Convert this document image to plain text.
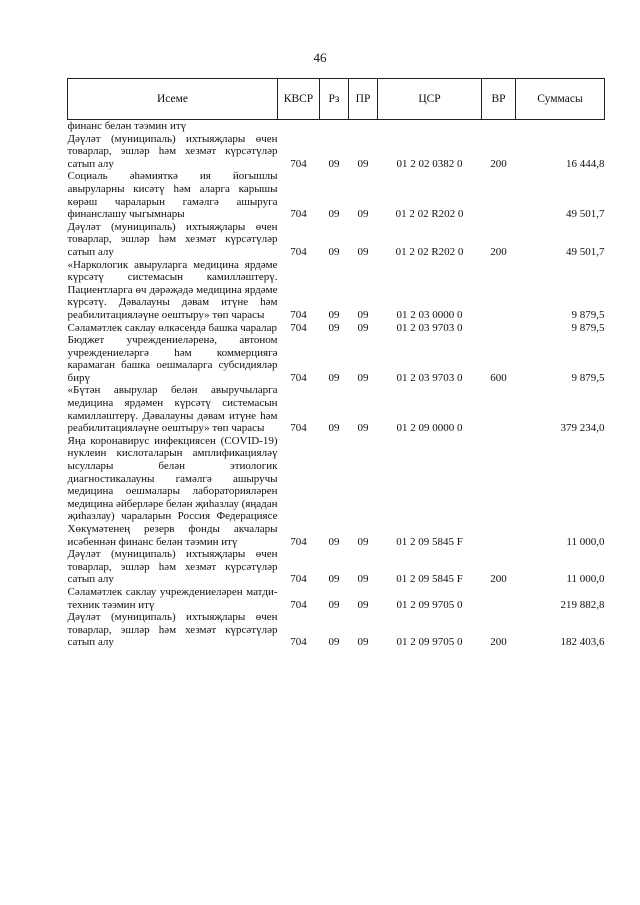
46
Исеме	КВСР	Рз	ПР	ЦСР	ВР	Суммасы
финанс белән тәэмин итү						
Дәүләт (муниципаль) ихтыяҗлары өчен товарлар, эшләр һәм хезмәт күрсәтүләр сатып алу	704	09	09	01 2 02 0382 0	200	16 444,8
Социаль әһәмияткә ия йогышлы авыруларны кисәтү һәм аларга карышы көрәш чараларын гамәлгә ашыруга финанслашу чыгымнары	704	09	09	01 2 02 R202 0		49 501,7
Дәүләт (муниципаль) ихтыяҗлары өчен товарлар, эшләр һәм хезмәт күрсәтүләр сатып алу	704	09	09	01 2 02 R202 0	200	49 501,7
«Наркологик авыруларга медицина ярдәме күрсәтү системасын камилләштерү. Пациентларга өч дәрәҗәдә медицина ярдәме күрсәтү. Дәвалауны дәвам итүне һәм реабилитацияләүне оештыру» төп чарасы	704	09	09	01 2 03 0000 0		9 879,5
Сәламәтлек саклау өлкәсендә башка чаралар	704	09	09	01 2 03 9703 0		9 879,5
Бюджет учреждениеләренә, автоном учреждениеләргә һәм коммерциягә карамаган башка оешмаларга субсидияләр бирү	704	09	09	01 2 03 9703 0	600	9 879,5
«Бүтән авырулар белән авыручыларга медицина ярдәмен күрсәтү системасын камилләштерү. Дәвалауны дәвам итүне һәм реабилитацияләүне оештыру» төп чарасы	704	09	09	01 2 09 0000 0		379 234,0
Яңа коронавирус инфекциясен (COVID-19) нуклеин кислоталарын амплификацияләү ысуллары белән этиологик диагностикалауны гамәлгә ашыручы медицина оешмалары лабораторияләрен медицина әйберләре белән җиһазлау (яңадан җиһазлау) чараларын Россия Федерациясе Хөкүмәтенең резерв фонды акчалары исәбеннән финанс белән тәэмин итү	704	09	09	01 2 09 5845 F		11 000,0
Дәүләт (муниципаль) ихтыяҗлары өчен товарлар, эшләр һәм хезмәт күрсәтүләр сатып алу	704	09	09	01 2 09 5845 F	200	11 000,0
Сәламәтлек саклау учреждениеләрен матди-техник тәэмин итү	704	09	09	01 2 09 9705 0		219 882,8
Дәүләт (муниципаль) ихтыяҗлары өчен товарлар, эшләр һәм хезмәт күрсәтүләр сатып алу	704	09	09	01 2 09 9705 0	200	182 403,6
